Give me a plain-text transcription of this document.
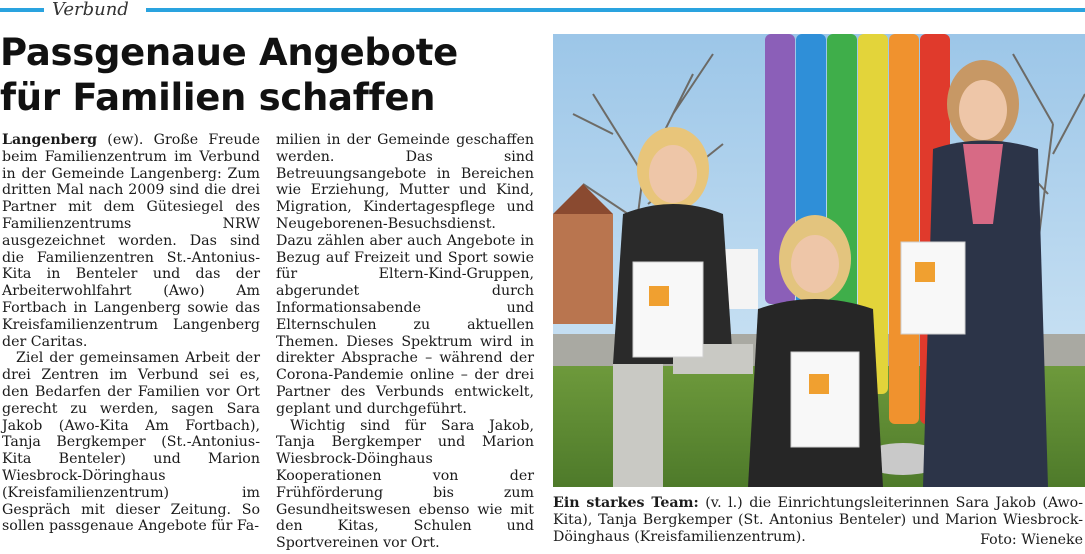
Verbund
Passgenaue Angebote
für Familien schaffen

Langenberg (ew). Große Freude beim Familienzentrum im Verbund in der Gemeinde Langenberg: Zum dritten Mal nach 2009 sind die drei Partner mit dem Gütesiegel des Familienzentrums NRW ausgezeichnet worden. Das sind die Familienzentren St.-Antonius-Kita in Benteler und das der Arbeiterwohlfahrt (Awo) Am Fortbach in Langenberg sowie das Kreisfamilienzentrum Langenberg der Caritas.

Ziel der gemeinsamen Arbeit der drei Zentren im Verbund sei es, den Bedarfen der Familien vor Ort gerecht zu werden, sagen Sara Jakob (Awo-Kita Am Fortbach), Tanja Bergkemper (St.-Antonius-Kita Benteler) und Marion Wiesbrock-Döringhaus (Kreisfamilienzentrum) im Gespräch mit dieser Zeitung. So sollen passgenaue Angebote für Fa-

milien in der Gemeinde geschaffen werden. Das sind Betreuungsangebote in Bereichen wie Erziehung, Mutter und Kind, Migration, Kindertagespflege und Neugeborenen-Besuchsdienst. Dazu zählen aber auch Angebote in Bezug auf Freizeit und Sport sowie für Eltern-Kind-Gruppen, abgerundet durch Informationsabende und Elternschulen zu aktuellen Themen. Dieses Spektrum wird in direkter Absprache – während der Corona-Pandemie online – der drei Partner des Verbunds entwickelt, geplant und durchgeführt.

Wichtig sind für Sara Jakob, Tanja Bergkemper und Marion Wiesbrock-Döinghaus Kooperationen von der Frühförderung bis zum Gesundheitswesen ebenso wie mit den Kitas, Schulen und Sportvereinen vor Ort.

Ein starkes Team: (v. l.) die Einrichtungsleiterinnen Sara Jakob (Awo-Kita), Tanja Bergkemper (St. Antonius Benteler) und Marion Wiesbrock-Döinghaus (Kreisfamilienzentrum).	Foto: Wieneke
